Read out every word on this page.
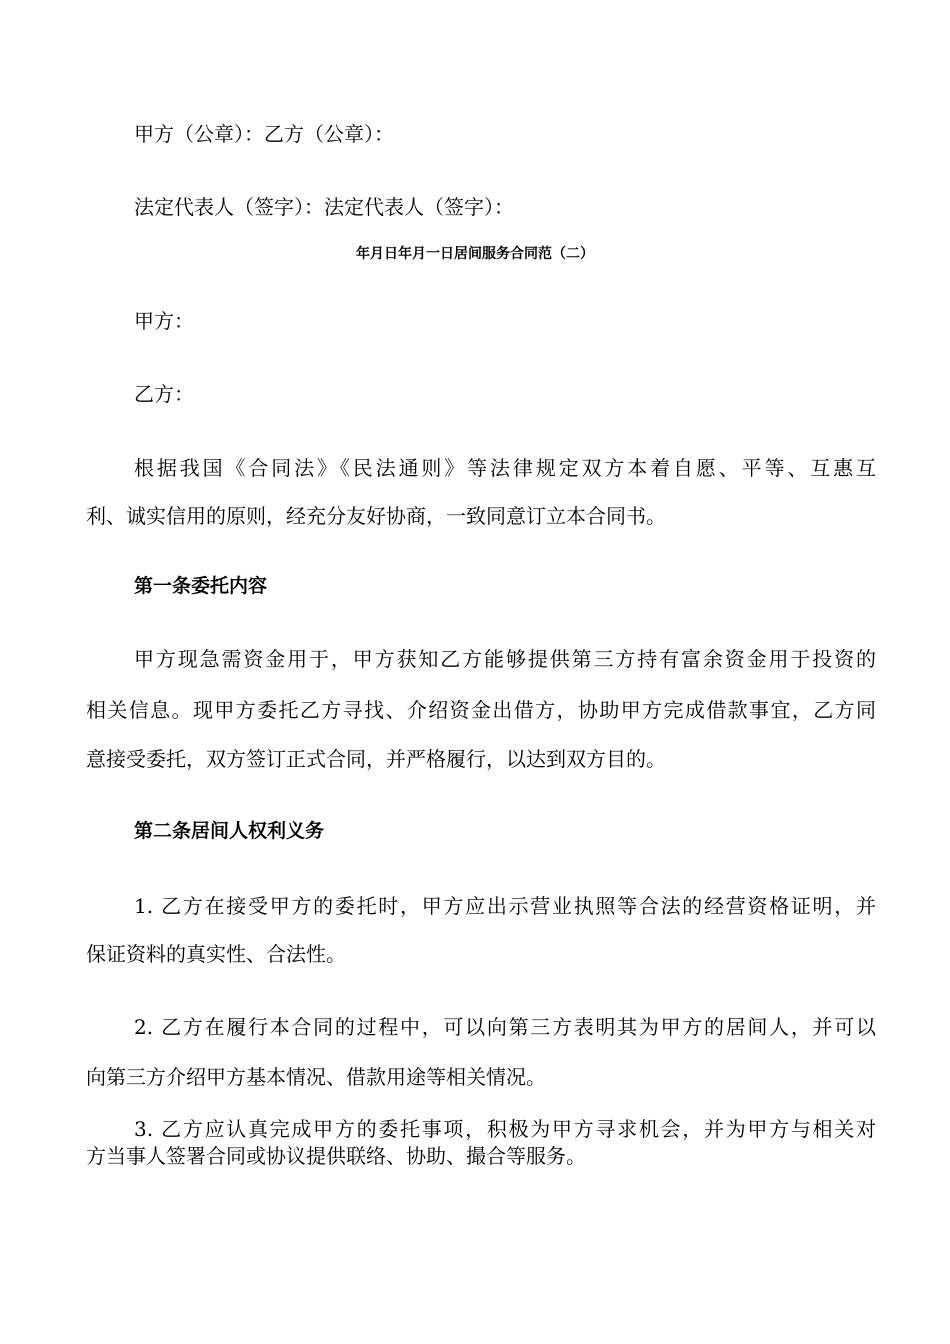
甲方（公章）：乙方（公章）：
法定代表人（签字）：法定代表人（签字）：
年月日年月一日居间服务合同范（二）
甲方：
乙方：
根据我国《合同法》《民法通则》等法律规定双方本着自愿、平等、互惠互
利、诚实信用的原则，经充分友好协商，一致同意订立本合同书。
第一条委托内容
甲方现急需资金用于，甲方获知乙方能够提供第三方持有富余资金用于投资的
相关信息。现甲方委托乙方寻找、介绍资金出借方，协助甲方完成借款事宜，乙方同
意接受委托，双方签订正式合同，并严格履行，以达到双方目的。
第二条居间人权利义务
1. 乙方在接受甲方的委托时，甲方应出示营业执照等合法的经营资格证明，并
保证资料的真实性、合法性。
2. 乙方在履行本合同的过程中，可以向第三方表明其为甲方的居间人，并可以
向第三方介绍甲方基本情况、借款用途等相关情况。
3. 乙方应认真完成甲方的委托事项，积极为甲方寻求机会，并为甲方与相关对
方当事人签署合同或协议提供联络、协助、撮合等服务。
